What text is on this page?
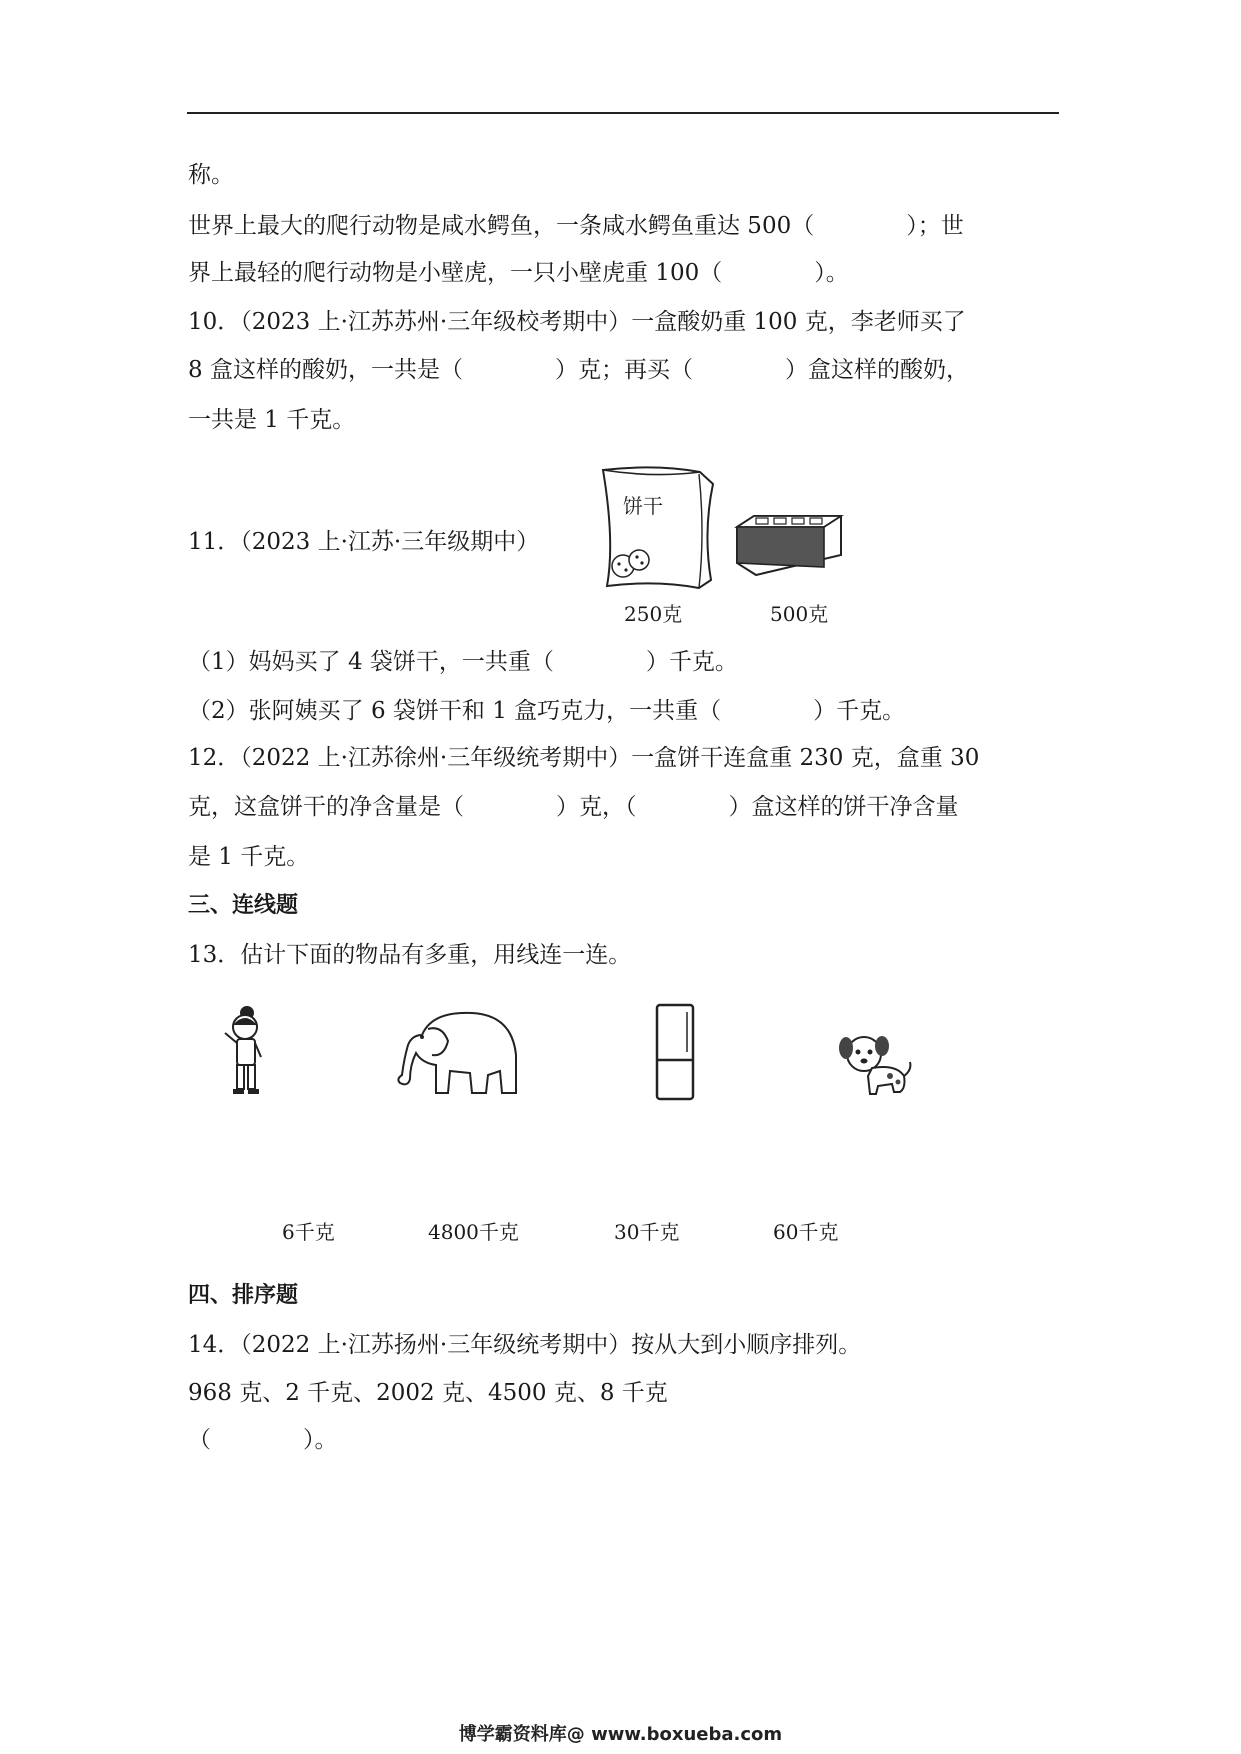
称。
世界上最大的爬行动物是咸水鳄鱼，一条咸水鳄鱼重达 500（　　　　）；世
界上最轻的爬行动物是小壁虎，一只小壁虎重 100（　　　　）。
10．（2023 上·江苏苏州·三年级校考期中）一盒酸奶重 100 克，李老师买了
8 盒这样的酸奶，一共是（　　　　）克；再买（　　　　）盒这样的酸奶，
一共是 1 千克。
11．（2023 上·江苏·三年级期中）
饼干
250克	500克
（1）妈妈买了 4 袋饼干，一共重（　　　　）千克。
（2）张阿姨买了 6 袋饼干和 1 盒巧克力，一共重（　　　　）千克。
12．（2022 上·江苏徐州·三年级统考期中）一盒饼干连盒重 230 克，盒重 30
克，这盒饼干的净含量是（　　　　）克，（　　　　）盒这样的饼干净含量
是 1 千克。
三、连线题
13．估计下面的物品有多重，用线连一连。
6千克	4800千克	30千克	60千克
四、排序题
14．（2022 上·江苏扬州·三年级统考期中）按从大到小顺序排列。
968 克、2 千克、2002 克、4500 克、8 千克
（　　　　）。
博学霸资料库@ www.boxueba.com
